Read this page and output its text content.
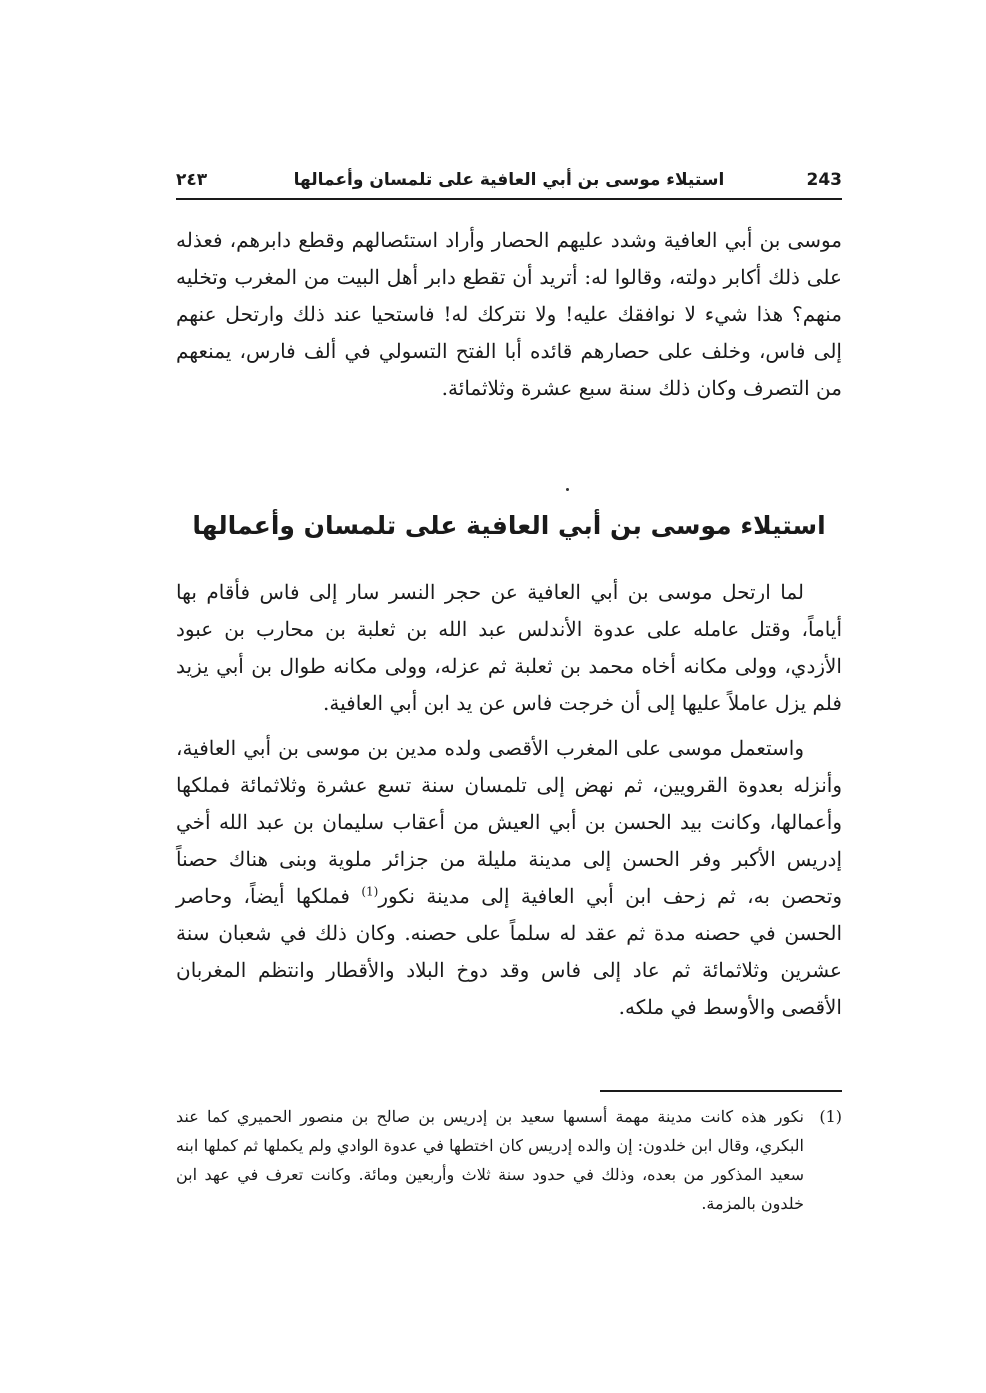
243
استيلاء موسى بن أبي العافية على تلمسان وأعمالها
٢٤٣

موسى بن أبي العافية وشدد عليهم الحصار وأراد استئصالهم وقطع دابرهم، فعذله على ذلك أكابر دولته، وقالوا له: أتريد أن تقطع دابر أهل البيت من المغرب وتخليه منهم؟ هذا شيء لا نوافقك عليه! ولا نتركك له! فاستحيا عند ذلك وارتحل عنهم إلى فاس، وخلف على حصارهم قائده أبا الفتح التسولي في ألف فارس، يمنعهم من التصرف وكان ذلك سنة سبع عشرة وثلاثمائة.

استيلاء موسى بن أبي العافية على تلمسان وأعمالها

لما ارتحل موسى بن أبي العافية عن حجر النسر سار إلى فاس فأقام بها أياماً، وقتل عامله على عدوة الأندلس عبد الله بن ثعلبة بن محارب بن عبود الأزدي، وولى مكانه أخاه محمد بن ثعلبة ثم عزله، وولى مكانه طوال بن أبي يزيد فلم يزل عاملاً عليها إلى أن خرجت فاس عن يد ابن أبي العافية.

واستعمل موسى على المغرب الأقصى ولده مدين بن موسى بن أبي العافية، وأنزله بعدوة القرويين، ثم نهض إلى تلمسان سنة تسع عشرة وثلاثمائة فملكها وأعمالها، وكانت بيد الحسن بن أبي العيش من أعقاب سليمان بن عبد الله أخي إدريس الأكبر وفر الحسن إلى مدينة مليلة من جزائر ملوية وبنى هناك حصناً وتحصن به، ثم زحف ابن أبي العافية إلى مدينة نكور$^{(1)}$ فملكها أيضاً، وحاصر الحسن في حصنه مدة ثم عقد له سلماً على حصنه. وكان ذلك في شعبان سنة عشرين وثلاثمائة ثم عاد إلى فاس وقد دوخ البلاد والأقطار وانتظم المغربان الأقصى والأوسط في ملكه.

(1)
نكور هذه كانت مدينة مهمة أسسها سعيد بن إدريس بن صالح بن منصور الحميري كما عند البكري، وقال ابن خلدون: إن والده إدريس كان اختطها في عدوة الوادي ولم يكملها ثم كملها ابنه سعيد المذكور من بعده، وذلك في حدود سنة ثلاث وأربعين ومائة. وكانت تعرف في عهد ابن خلدون بالمزمة.
